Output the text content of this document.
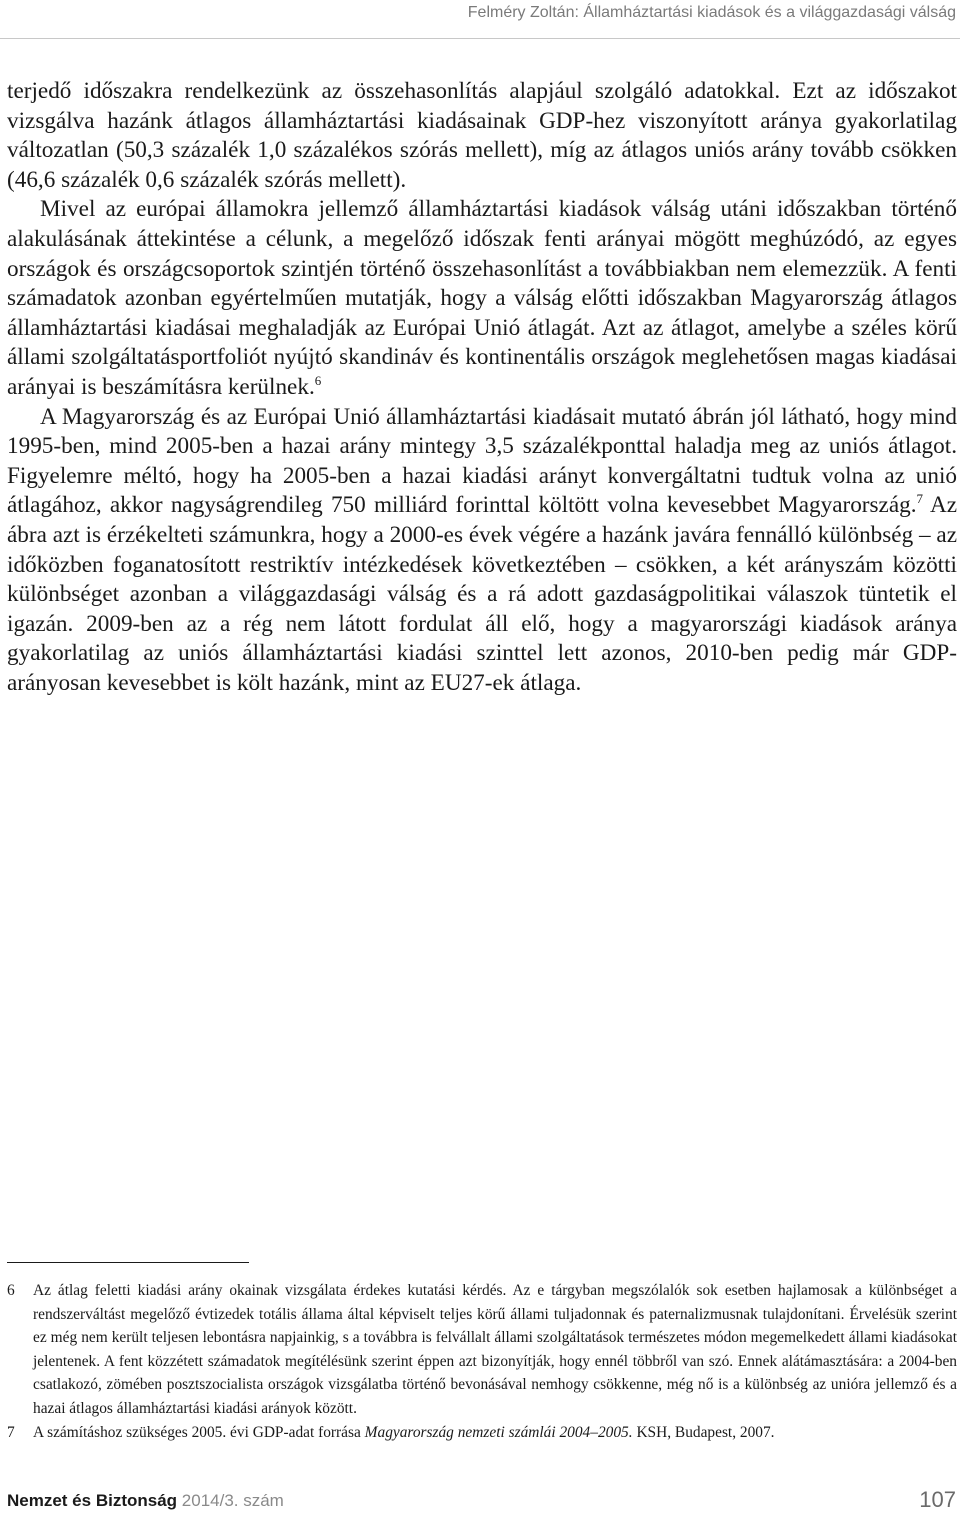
Felméry Zoltán: Államháztartási kiadások és a világgazdasági válság

terjedő időszakra rendelkezünk az összehasonlítás alapjául szolgáló adatokkal. Ezt az időszakot vizsgálva hazánk átlagos államháztartási kiadásainak GDP-hez viszonyított aránya gyakorlatilag változatlan (50,3 százalék 1,0 százalékos szórás mellett), míg az átlagos uniós arány tovább csökken (46,6 százalék 0,6 százalék szórás mellett).

Mivel az európai államokra jellemző államháztartási kiadások válság utáni időszakban történő alakulásának áttekintése a célunk, a megelőző időszak fenti arányai mögött meghúzódó, az egyes országok és országcsoportok szintjén történő összehasonlítást a továbbiakban nem elemezzük. A fenti számadatok azonban egyértelműen mutatják, hogy a válság előtti időszakban Magyarország átlagos államháztartási kiadásai meghaladják az Európai Unió átlagát. Azt az átlagot, amelybe a széles körű állami szolgáltatásportfoliót nyújtó skandináv és kontinentális országok meglehetősen magas kiadásai arányai is beszámításra kerülnek.$^6$

A Magyarország és az Európai Unió államháztartási kiadásait mutató ábrán jól látható, hogy mind 1995-ben, mind 2005-ben a hazai arány mintegy 3,5 százalékponttal haladja meg az uniós átlagot. Figyelemre méltó, hogy ha 2005-ben a hazai kiadási arányt konvergáltatni tudtuk volna az unió átlagához, akkor nagyságrendileg 750 milliárd forinttal költött volna kevesebbet Magyarország.$^7$ Az ábra azt is érzékelteti számunkra, hogy a 2000-es évek végére a hazánk javára fennálló különbség – az időközben foganatosított restriktív intézkedések következtében – csökken, a két arányszám közötti különbséget azonban a világgazdasági válság és a rá adott gazdaságpolitikai válaszok tüntetik el igazán. 2009-ben az a rég nem látott fordulat áll elő, hogy a magyarországi kiadások aránya gyakorlatilag az uniós államháztartási kiadási szinttel lett azonos, 2010-ben pedig már GDP-arányosan kevesebbet is költ hazánk, mint az EU27-ek átlaga.

6	Az átlag feletti kiadási arány okainak vizsgálata érdekes kutatási kérdés. Az e tárgyban megszólalók sok esetben hajlamosak a különbséget a rendszerváltást megelőző évtizedek totális állama által képviselt teljes körű állami tuljadonnak és paternalizmusnak tulajdonítani. Érvelésük szerint ez még nem került teljesen lebontásra napjainkig, s a továbbra is felvállalt állami szolgáltatások természetes módon megemelkedett állami kiadásokat jelentenek. A fent közzétett számadatok megítélésünk szerint éppen azt bizonyítják, hogy ennél többről van szó. Ennek alátámasztására: a 2004-ben csatlakozó, zömében posztszocialista országok vizsgálatba történő bevonásával nemhogy csökkenne, még nő is a különbség az unióra jellemző és a hazai átlagos államháztartási kiadási arányok között.
7	A számításhoz szükséges 2005. évi GDP-adat forrása Magyarország nemzeti számlái 2004–2005. KSH, Budapest, 2007.
Nemzet és Biztonság 2014/3. szám	107
